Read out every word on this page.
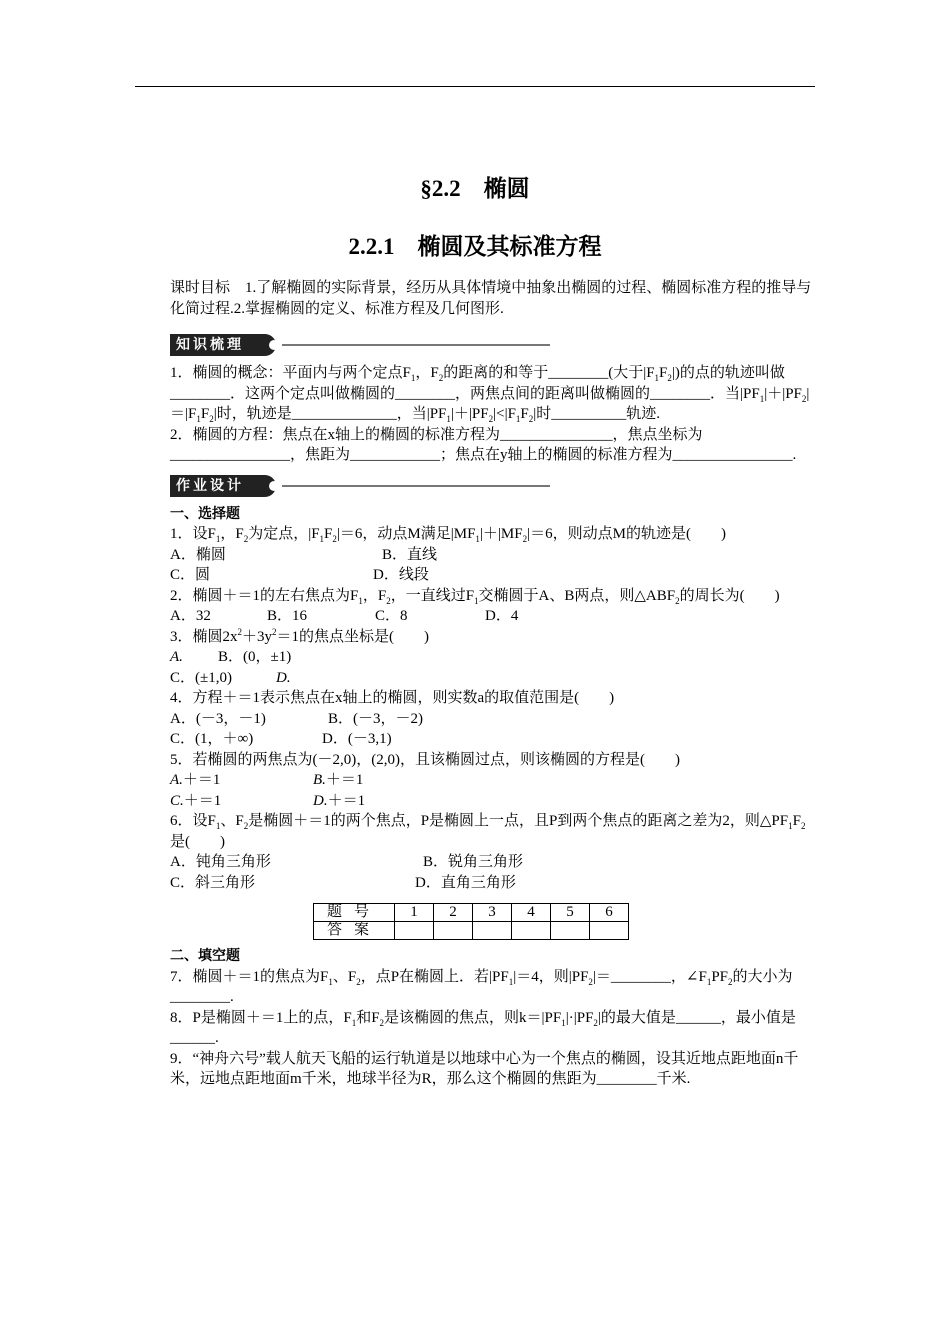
§2.2　椭圆
2.2.1　椭圆及其标准方程

课时目标　1.了解椭圆的实际背景，经历从具体情境中抽象出椭圆的过程、椭圆标准方程的推导与化简过程.2.掌握椭圆的定义、标准方程及几何图形.

知识梳理

1．椭圆的概念：平面内与两个定点$F_1$，$F_2$的距离的和等于________(大于$|F_1F_2|$)的点的轨迹叫做________．这两个定点叫做椭圆的________，两焦点间的距离叫做椭圆的________．当$|PF_1|+|PF_2|=|F_1F_2|$时，轨迹是______________，当$|PF_1|+|PF_2|<|F_1F_2|$时__________轨迹.

2．椭圆的方程：焦点在x轴上的椭圆的标准方程为_______________，焦点坐标为________________，焦距为____________；焦点在y轴上的椭圆的标准方程为________________.

作业设计

一、选择题

1．设$F_1$，$F_2$为定点，$|F_1F_2|=6$，动点M满足$|MF_1|+|MF_2|=6$，则动点M的轨迹是(　　)

A．椭圆	B．直线
C．圆	D．线段

2．椭圆＋＝1的左右焦点为$F_1$，$F_2$，一直线过$F_1$交椭圆于A、B两点，则$\triangle ABF_2$的周长为(　　)

A．32	B．16	C．8	D．4

3．椭圆$2x^2+3y^2=1$的焦点坐标是(　　)

A. B．(0，±1)
C．(±1,0)	D.

4．方程＋＝1表示焦点在x轴上的椭圆，则实数a的取值范围是(　　)

A．(－3，－1)	B．(－3，－2)
C．(1，＋∞)	D．(－3,1)

5．若椭圆的两焦点为(－2,0)，(2,0)，且该椭圆过点，则该椭圆的方程是(　　)

A.＋＝1	B.＋＝1
C.＋＝1	D.＋＝1

6．设$F_1$、$F_2$是椭圆＋＝1的两个焦点，P是椭圆上一点，且P到两个焦点的距离之差为2，则$\triangle PF_1F_2$是(　　)

A．钝角三角形	B．锐角三角形
C．斜三角形	D．直角三角形
题号	1	2	3	4	5	6
答案						

二、填空题

7．椭圆＋＝1的焦点为$F_1$、$F_2$，点P在椭圆上．若$|PF_1|=4$，则$|PF_2|=\_\_\_\_\_\_\_\_$，$\angle F_1PF_2$的大小为________.

8．P是椭圆＋＝1上的点，$F_1$和$F_2$是该椭圆的焦点，则$k=|PF_1|\cdot|PF_2|$的最大值是______，最小值是______.

9．“神舟六号”载人航天飞船的运行轨道是以地球中心为一个焦点的椭圆，设其近地点距地面n千米，远地点距地面m千米，地球半径为R，那么这个椭圆的焦距为________千米.
